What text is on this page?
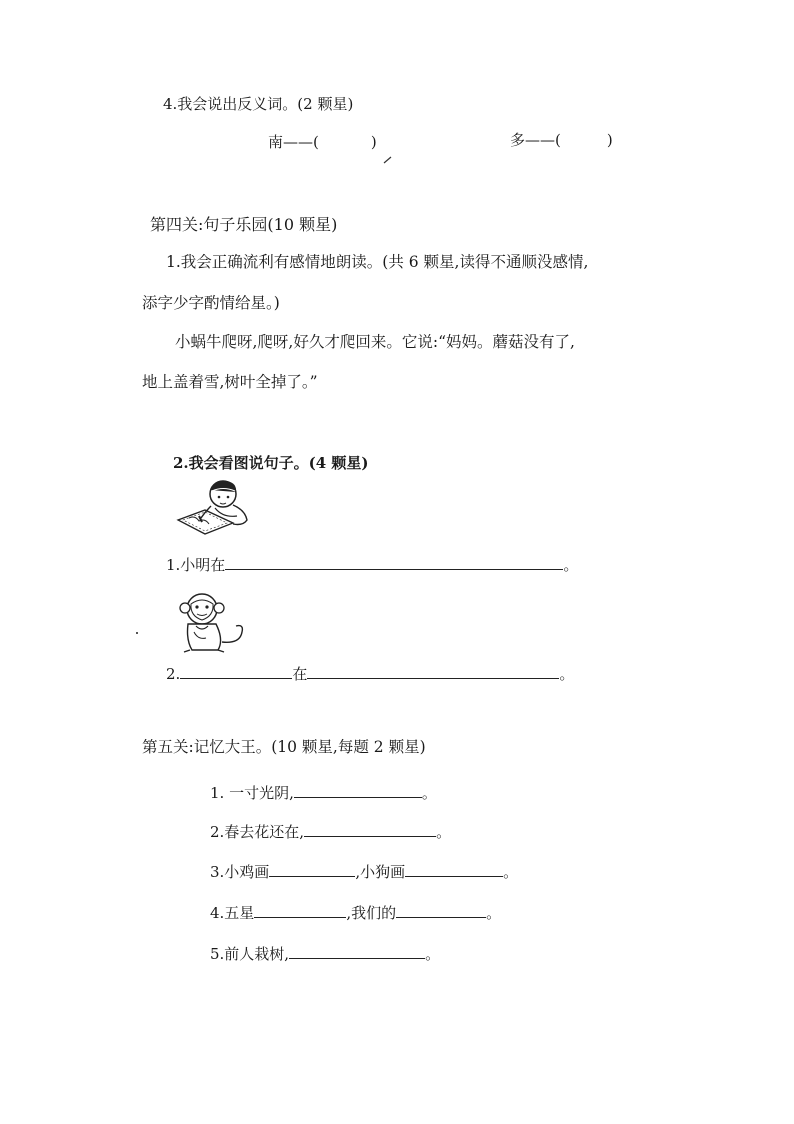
4.我会说出反义词。(2 颗星)
南——(	)	多——(	)
第四关:句子乐园(10 颗星)
1.我会正确流利有感情地朗读。(共 6 颗星,读得不通顺没感情,
添字少字酌情给星。)
小蜗牛爬呀,爬呀,好久才爬回来。它说:“妈妈。蘑菇没有了,
地上盖着雪,树叶全掉了。”
2.我会看图说句子。(4 颗星)
1.小明在	。
2.	在	。
第五关:记忆大王。(10 颗星,每题 2 颗星)
1. 一寸光阴,	。
2.春去花还在,	。
3.小鸡画	,小狗画	。
4.五星	,我们的	。
5.前人栽树,	。
